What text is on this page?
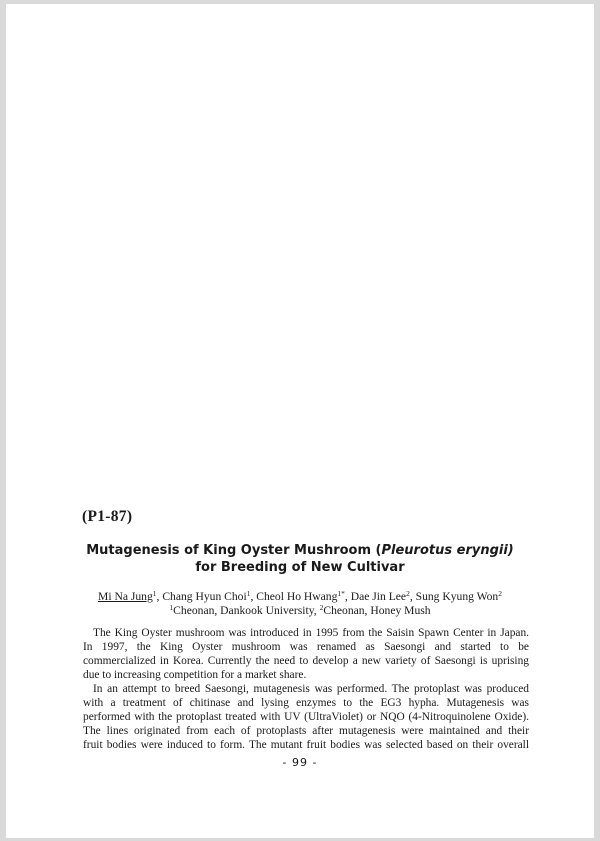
(P1-87)
Mutagenesis of King Oyster Mushroom (Pleurotus eryngii)
for Breeding of New Cultivar
Mi Na Jung$^1$, Chang Hyun Choi$^1$, Cheol Ho Hwang$^{1*}$, Dae Jin Lee$^2$, Sung Kyung Won$^2$
$^1$Cheonan, Dankook University, $^2$Cheonan, Honey Mush
The King Oyster mushroom was introduced in 1995 from the Saisin Spawn Center in Japan.
In 1997, the King Oyster mushroom was renamed as Saesongi and started to be
commercialized in Korea. Currently the need to develop a new variety of Saesongi is uprising
due to increasing competition for a market share.
In an attempt to breed Saesongi, mutagenesis was performed. The protoplast was produced
with a treatment of chitinase and lysing enzymes to the EG3 hypha. Mutagenesis was
performed with the protoplast treated with UV (UltraViolet) or NQO (4-Nitroquinolene Oxide).
The lines originated from each of protoplasts after mutagenesis were maintained and their
fruit bodies were induced to form. The mutant fruit bodies was selected based on their overall
- 99 -
